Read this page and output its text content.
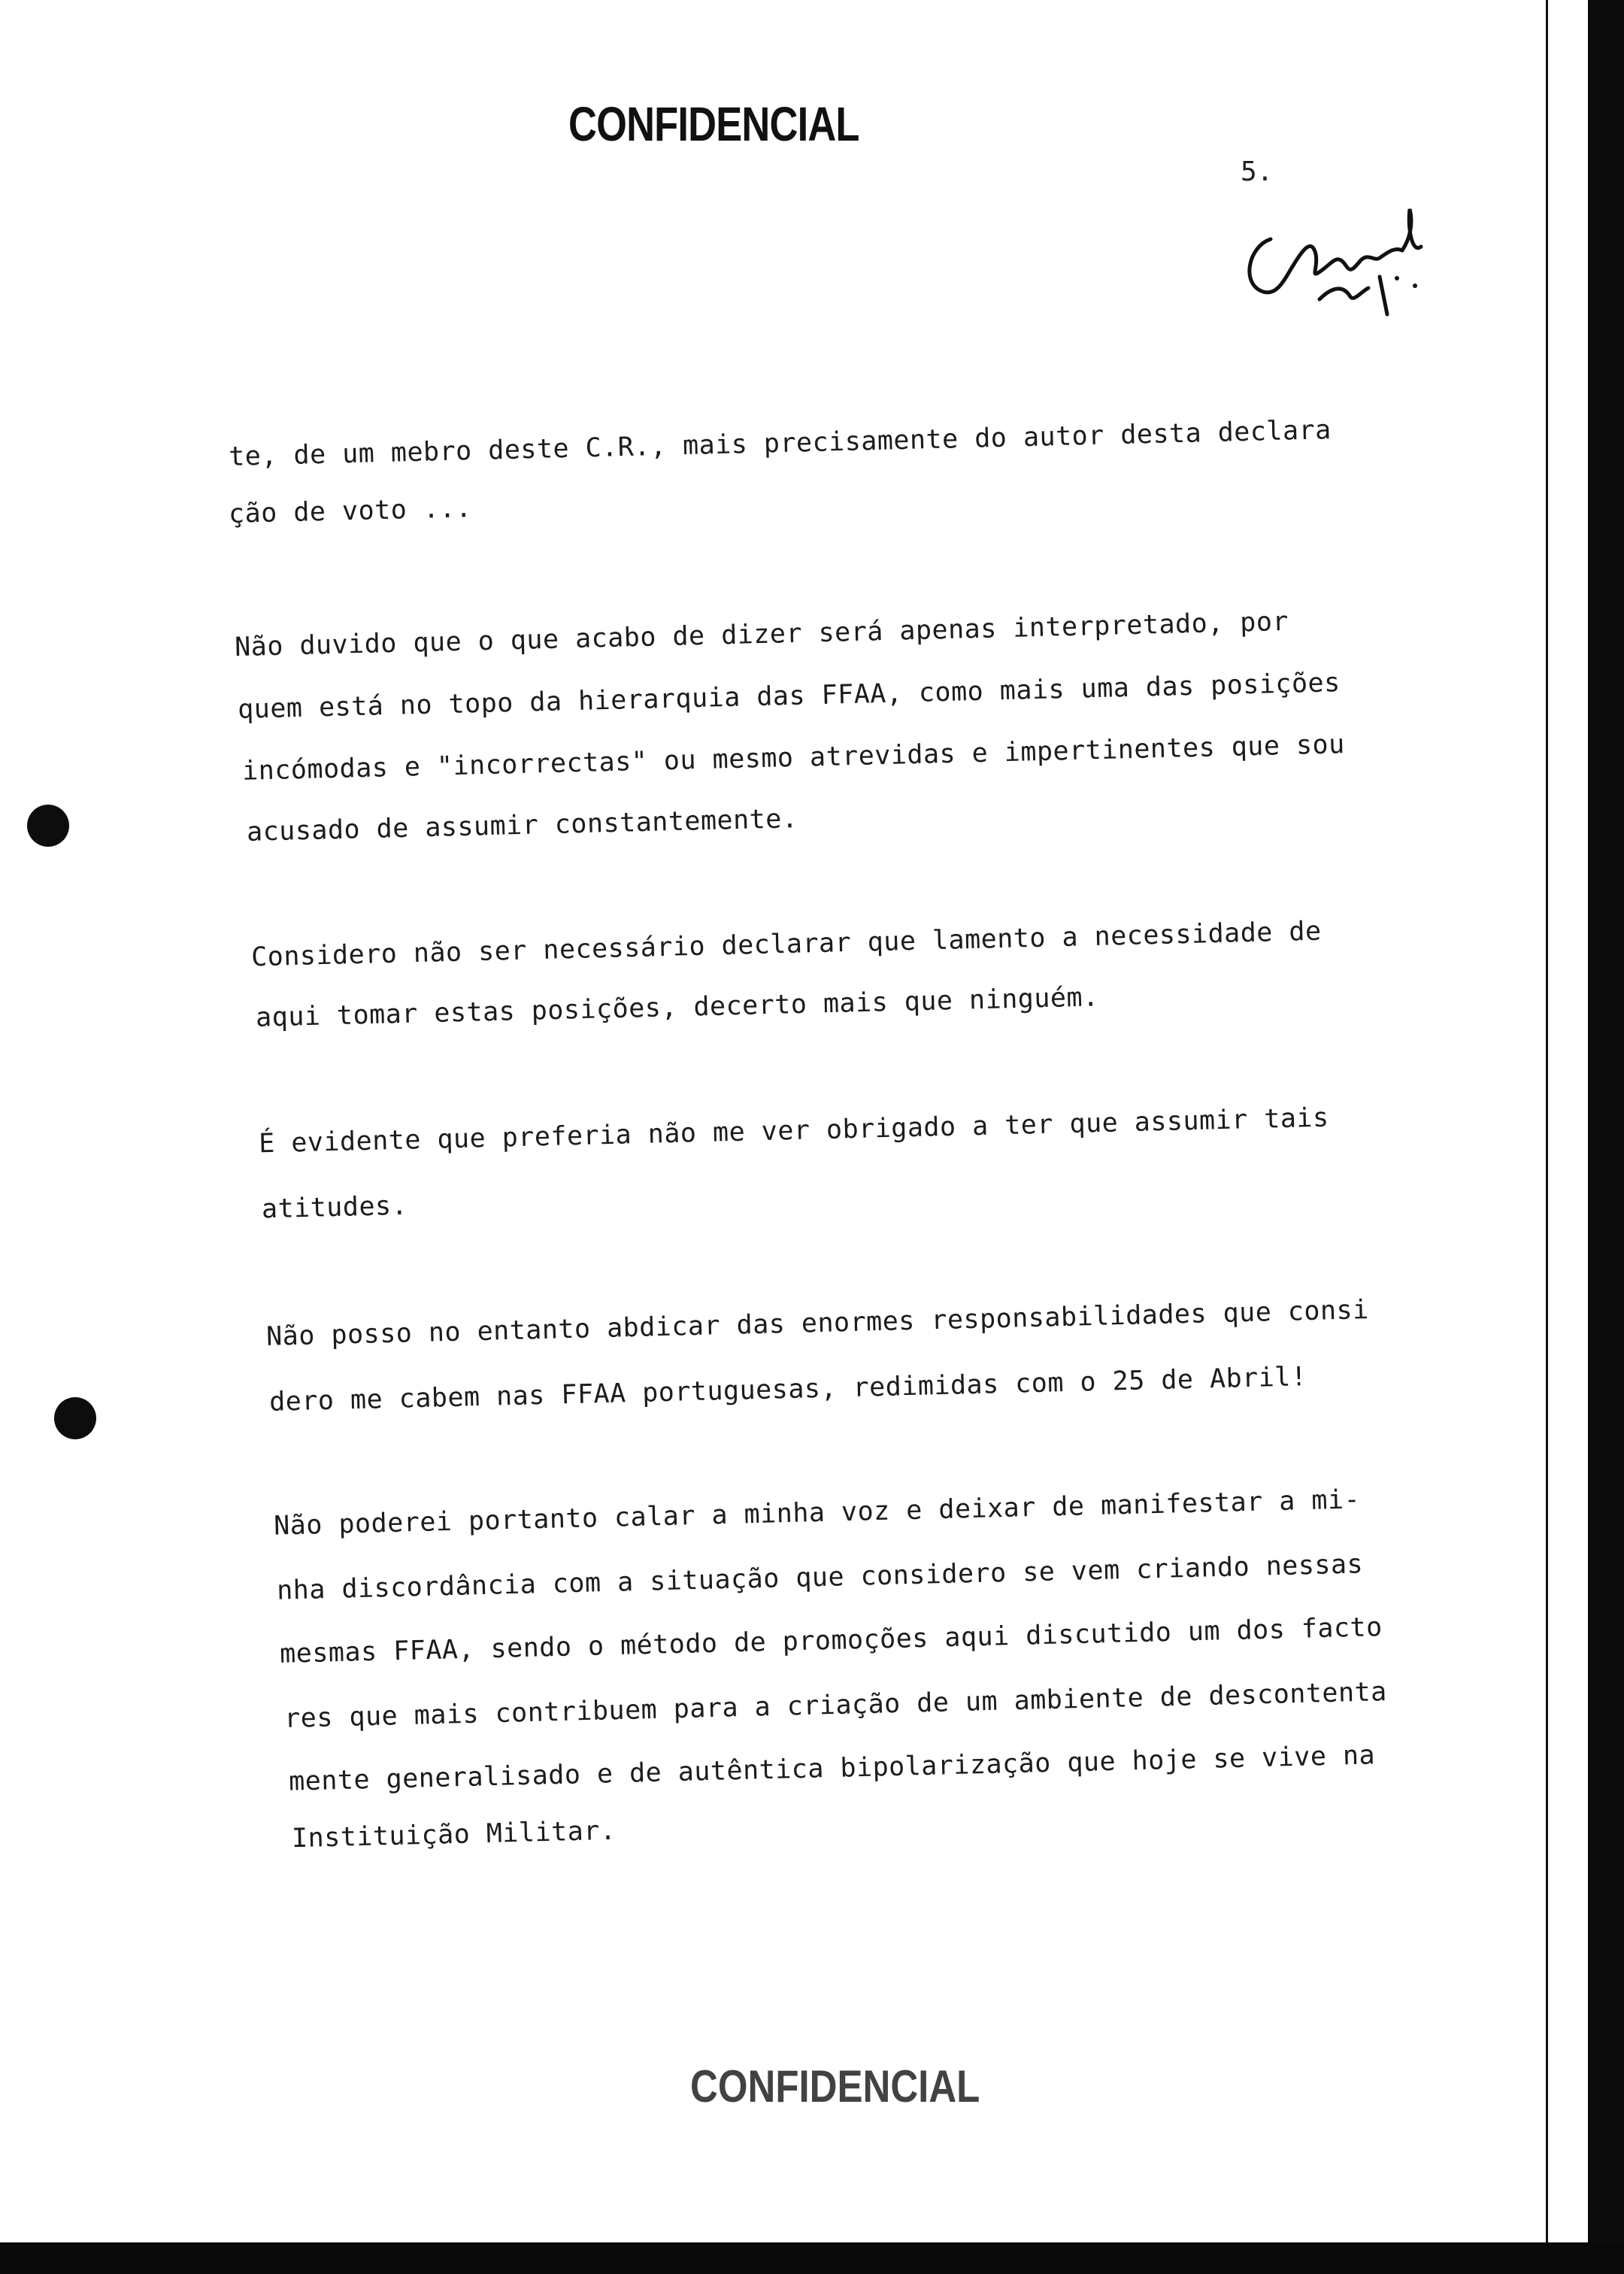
CONFIDENCIAL
5.
te, de um mebro deste C.R., mais precisamente do autor desta declara
ção de voto ...
Não duvido que o que acabo de dizer será apenas interpretado, por
quem está no topo da hierarquia das FFAA, como mais uma das posições
incómodas e "incorrectas" ou mesmo atrevidas e impertinentes que sou
acusado de assumir constantemente.
Considero não ser necessário declarar que lamento a necessidade de
aqui tomar estas posições, decerto mais que ninguém.
É evidente que preferia não me ver obrigado a ter que assumir tais
atitudes.
Não posso no entanto abdicar das enormes responsabilidades que consi
dero me cabem nas FFAA portuguesas, redimidas com o 25 de Abril!
Não poderei portanto calar a minha voz e deixar de manifestar a mi-
nha discordância com a situação que considero se vem criando nessas
mesmas FFAA, sendo o método de promoções aqui discutido um dos facto
res que mais contribuem para a criação de um ambiente de descontenta
mente generalisado e de autêntica bipolarização que hoje se vive na
Instituição Militar.
CONFIDENCIAL
